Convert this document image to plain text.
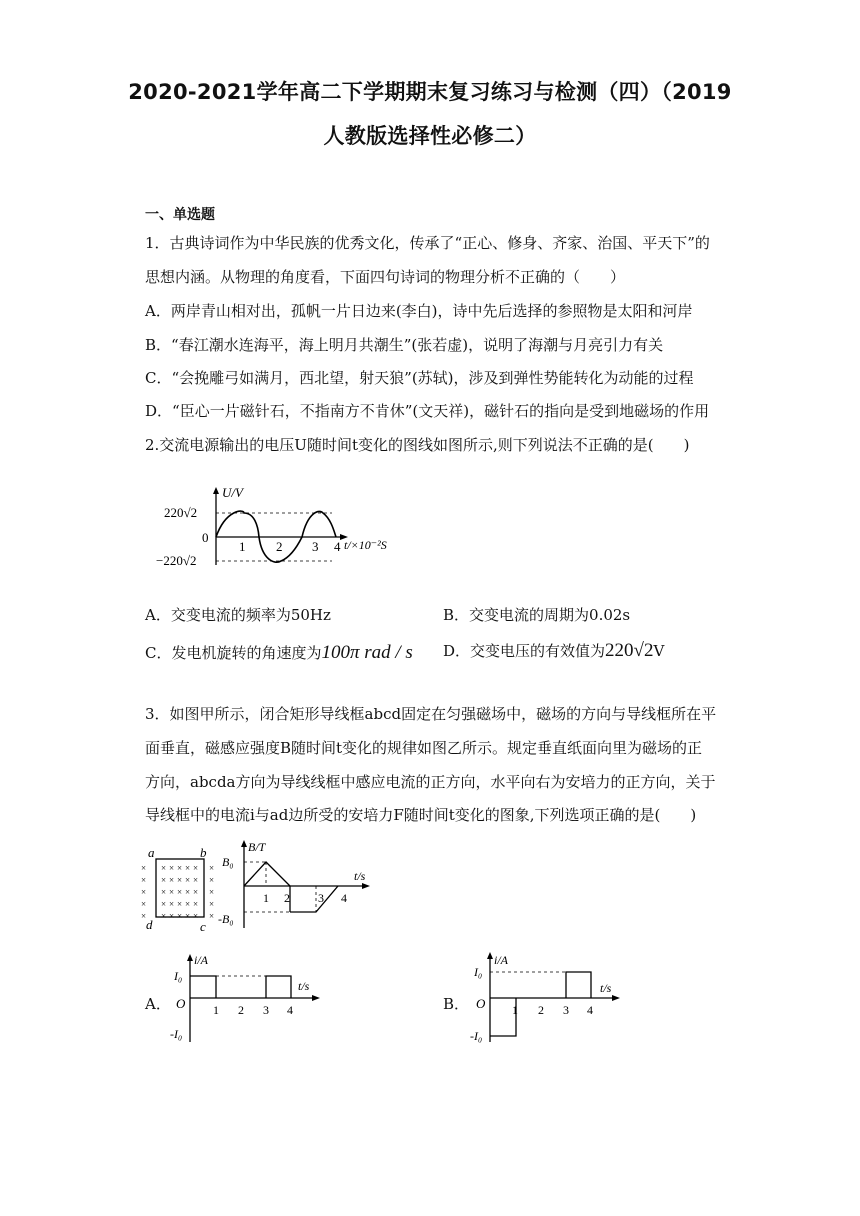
2020-2021学年高二下学期期末复习练习与检测（四）（2019
人教版选择性必修二）
一、单选题
1．古典诗词作为中华民族的优秀文化，传承了“正心、修身、齐家、治国、平天下”的
思想内涵。从物理的角度看，下面四句诗词的物理分析不正确的（　　）
A．两岸青山相对出，孤帆一片日边来(李白)，诗中先后选择的参照物是太阳和河岸
B．“春江潮水连海平，海上明月共潮生”(张若虚)，说明了海潮与月亮引力有关
C．“会挽雕弓如满月，西北望，射天狼”(苏轼)，涉及到弹性势能转化为动能的过程
D．“臣心一片磁针石，不指南方不肯休”(文天祥)，磁针石的指向是受到地磁场的作用
2.交流电源输出的电压U随时间t变化的图线如图所示,则下列说法不正确的是(　　)
U/V
220√2
0
−220√2
1 2 3 4 t/×10⁻²S
A．交变电流的频率为50Hz	B．交变电流的周期为0.02s
C．发电机旋转的角速度为100π rad / s D．交变电压的有效值为220√2V
3．如图甲所示，闭合矩形导线框abcd固定在匀强磁场中，磁场的方向与导线框所在平
面垂直，磁感应强度B随时间t变化的规律如图乙所示。规定垂直纸面向里为磁场的正
方向，abcda方向为导线线框中感应电流的正方向，水平向右为安培力的正方向，关于
导线框中的电流i与ad边所受的安培力F随时间t变化的图象,下列选项正确的是(　　)
a	b
d	c
× × × × × × ×
× × × × × × ×
× × × × × × ×
× × × × × × ×
× × × × × × ×
B/T
B₀
-B₀
1 2 3 4
t/s
A．
i/A
I₀
O
-I₀
1 2 3 4
t/s
B．
i/A
I₀
O
-I₀
1 2 3 4
t/s
